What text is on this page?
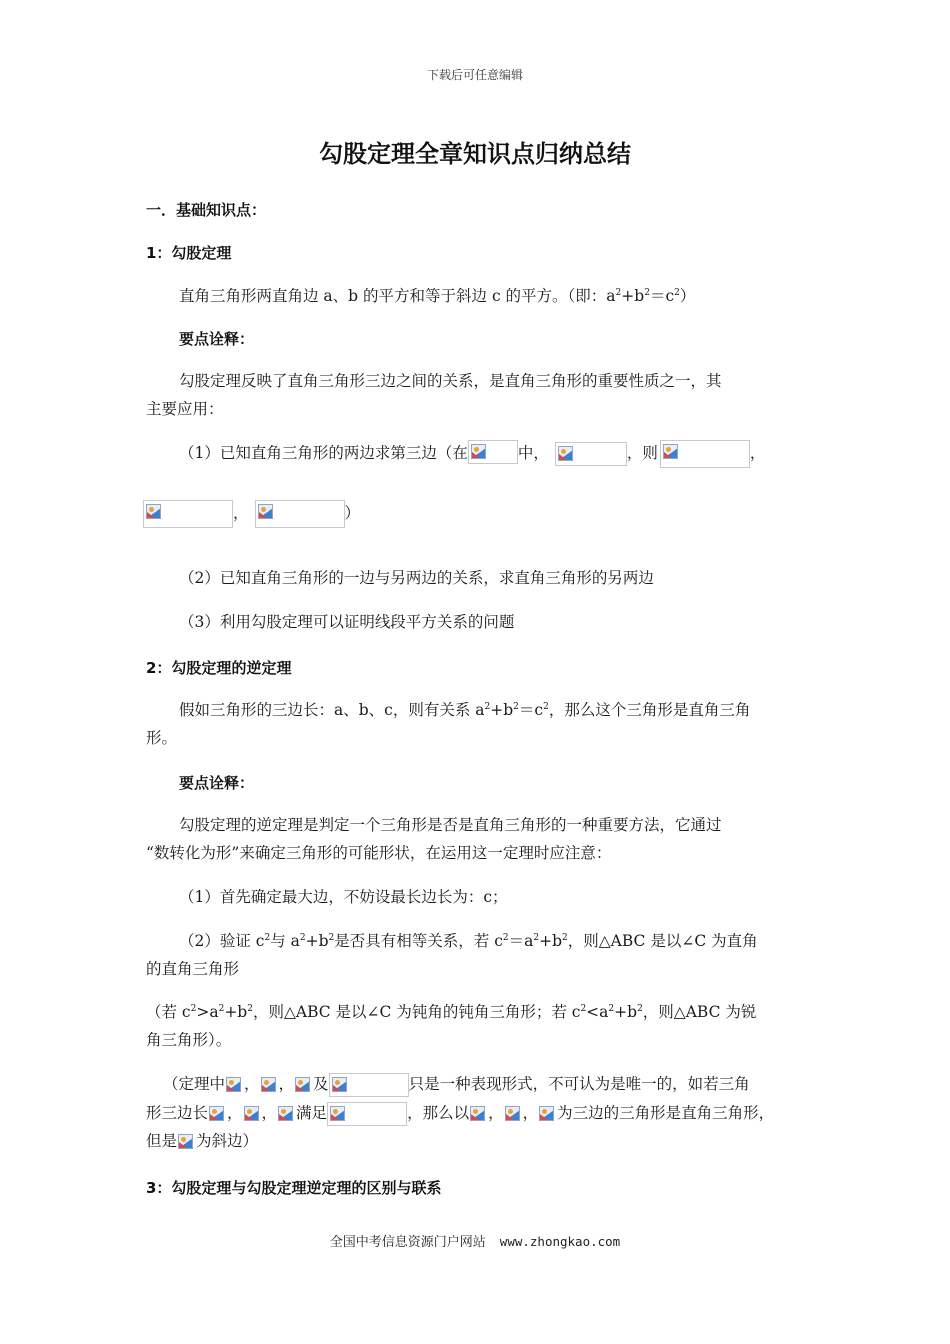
下载后可任意编辑
勾股定理全章知识点归纳总结
一．基础知识点：
1：勾股定理
直角三角形两直角边 a、b 的平方和等于斜边 c 的平方。（即：$a^2+b^2=c^2$）
要点诠释：
勾股定理反映了直角三角形三边之间的关系，是直角三角形的重要性质之一，其
主要应用：
（1）已知直角三角形的两边求第三边（在	中，	，则	，
，	）
（2）已知直角三角形的一边与另两边的关系，求直角三角形的另两边
（3）利用勾股定理可以证明线段平方关系的问题
2：勾股定理的逆定理
假如三角形的三边长：a、b、c，则有关系 $a^2+b^2=c^2$，那么这个三角形是直角三角
形。
要点诠释：
勾股定理的逆定理是判定一个三角形是否是直角三角形的一种重要方法，它通过
“数转化为形”来确定三角形的可能形状，在运用这一定理时应注意：
（1）首先确定最大边，不妨设最长边长为：c；
（2）验证 $c^2$与 $a^2+b^2$是否具有相等关系，若 $c^2=a^2+b^2$，则△ABC 是以∠C 为直角
的直角三角形
（若 $c^2>a^2+b^2$，则△ABC 是以∠C 为钝角的钝角三角形；若 $c^2<a^2+b^2$，则△ABC 为锐
角三角形）。
（定理中 ， ， 及	只是一种表现形式，不可认为是唯一的，如若三角
形三边长 ， ， 满足	，那么以 ， ， 为三边的三角形是直角三角形，
但是 为斜边）
3：勾股定理与勾股定理逆定理的区别与联系
全国中考信息资源门户网站 www.zhongkao.com
